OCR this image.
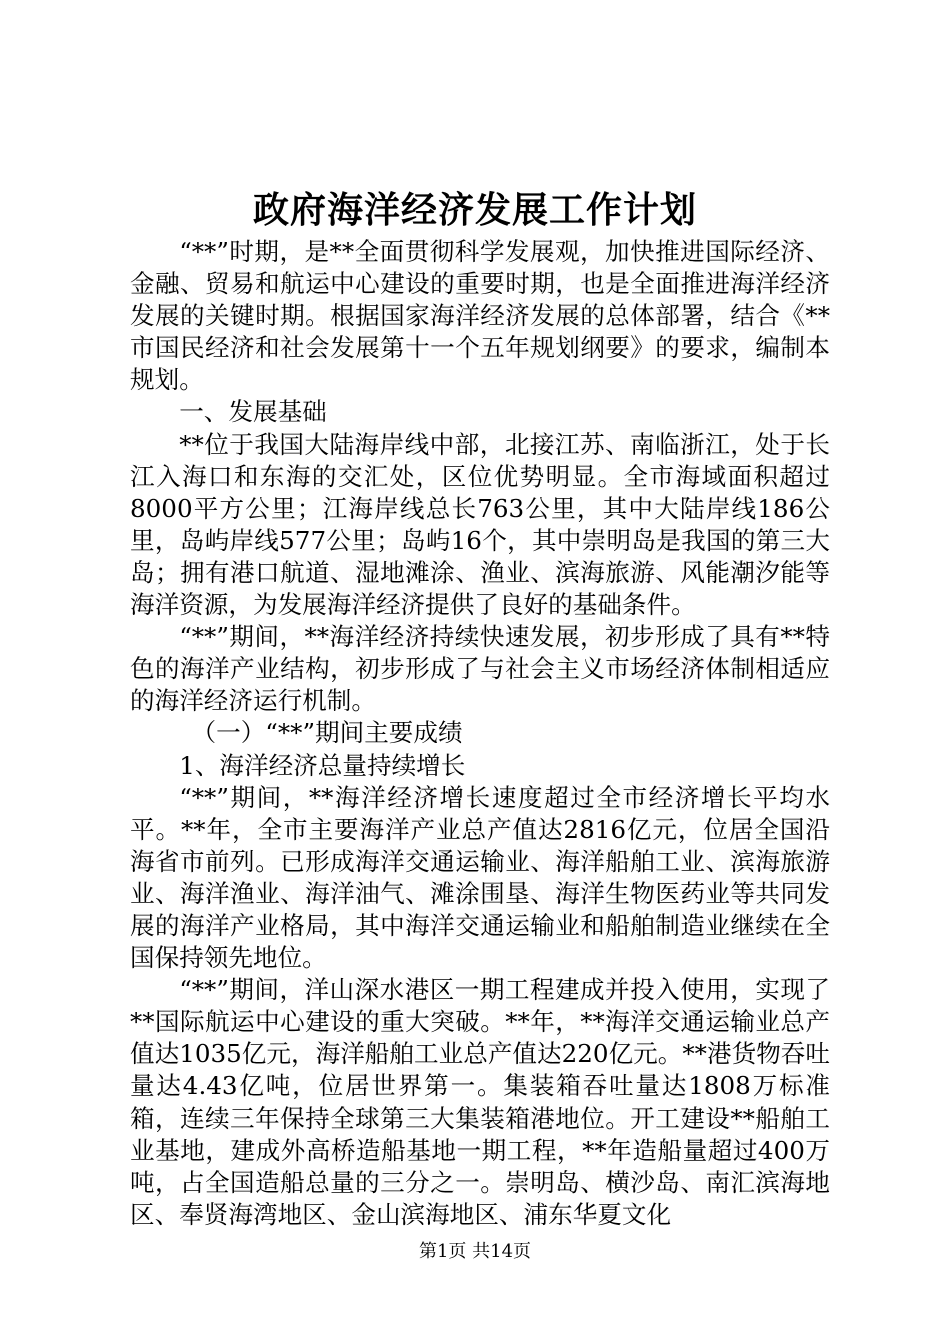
政府海洋经济发展工作计划

“**”时期，是**全面贯彻科学发展观，加快推进国际经济、金融、贸易和航运中心建设的重要时期，也是全面推进海洋经济发展的关键时期。根据国家海洋经济发展的总体部署，结合《**市国民经济和社会发展第十一个五年规划纲要》的要求，编制本规划。

一、发展基础

**位于我国大陆海岸线中部，北接江苏、南临浙江，处于长江入海口和东海的交汇处，区位优势明显。全市海域面积超过8000平方公里；江海岸线总长763公里，其中大陆岸线186公里，岛屿岸线577公里；岛屿16个，其中崇明岛是我国的第三大岛；拥有港口航道、湿地滩涂、渔业、滨海旅游、风能潮汐能等海洋资源，为发展海洋经济提供了良好的基础条件。

“**”期间，**海洋经济持续快速发展，初步形成了具有**特色的海洋产业结构，初步形成了与社会主义市场经济体制相适应的海洋经济运行机制。

（一）“**”期间主要成绩

1、海洋经济总量持续增长

“**”期间，**海洋经济增长速度超过全市经济增长平均水平。**年，全市主要海洋产业总产值达2816亿元，位居全国沿海省市前列。已形成海洋交通运输业、海洋船舶工业、滨海旅游业、海洋渔业、海洋油气、滩涂围垦、海洋生物医药业等共同发展的海洋产业格局，其中海洋交通运输业和船舶制造业继续在全国保持领先地位。

“**”期间，洋山深水港区一期工程建成并投入使用，实现了**国际航运中心建设的重大突破。**年，**海洋交通运输业总产值达1035亿元，海洋船舶工业总产值达220亿元。**港货物吞吐量达4.43亿吨，位居世界第一。集装箱吞吐量达1808万标准箱，连续三年保持全球第三大集装箱港地位。开工建设**船舶工业基地，建成外高桥造船基地一期工程，**年造船量超过400万吨，占全国造船总量的三分之一。崇明岛、横沙岛、南汇滨海地区、奉贤海湾地区、金山滨海地区、浦东华夏文化

第1页 共14页
